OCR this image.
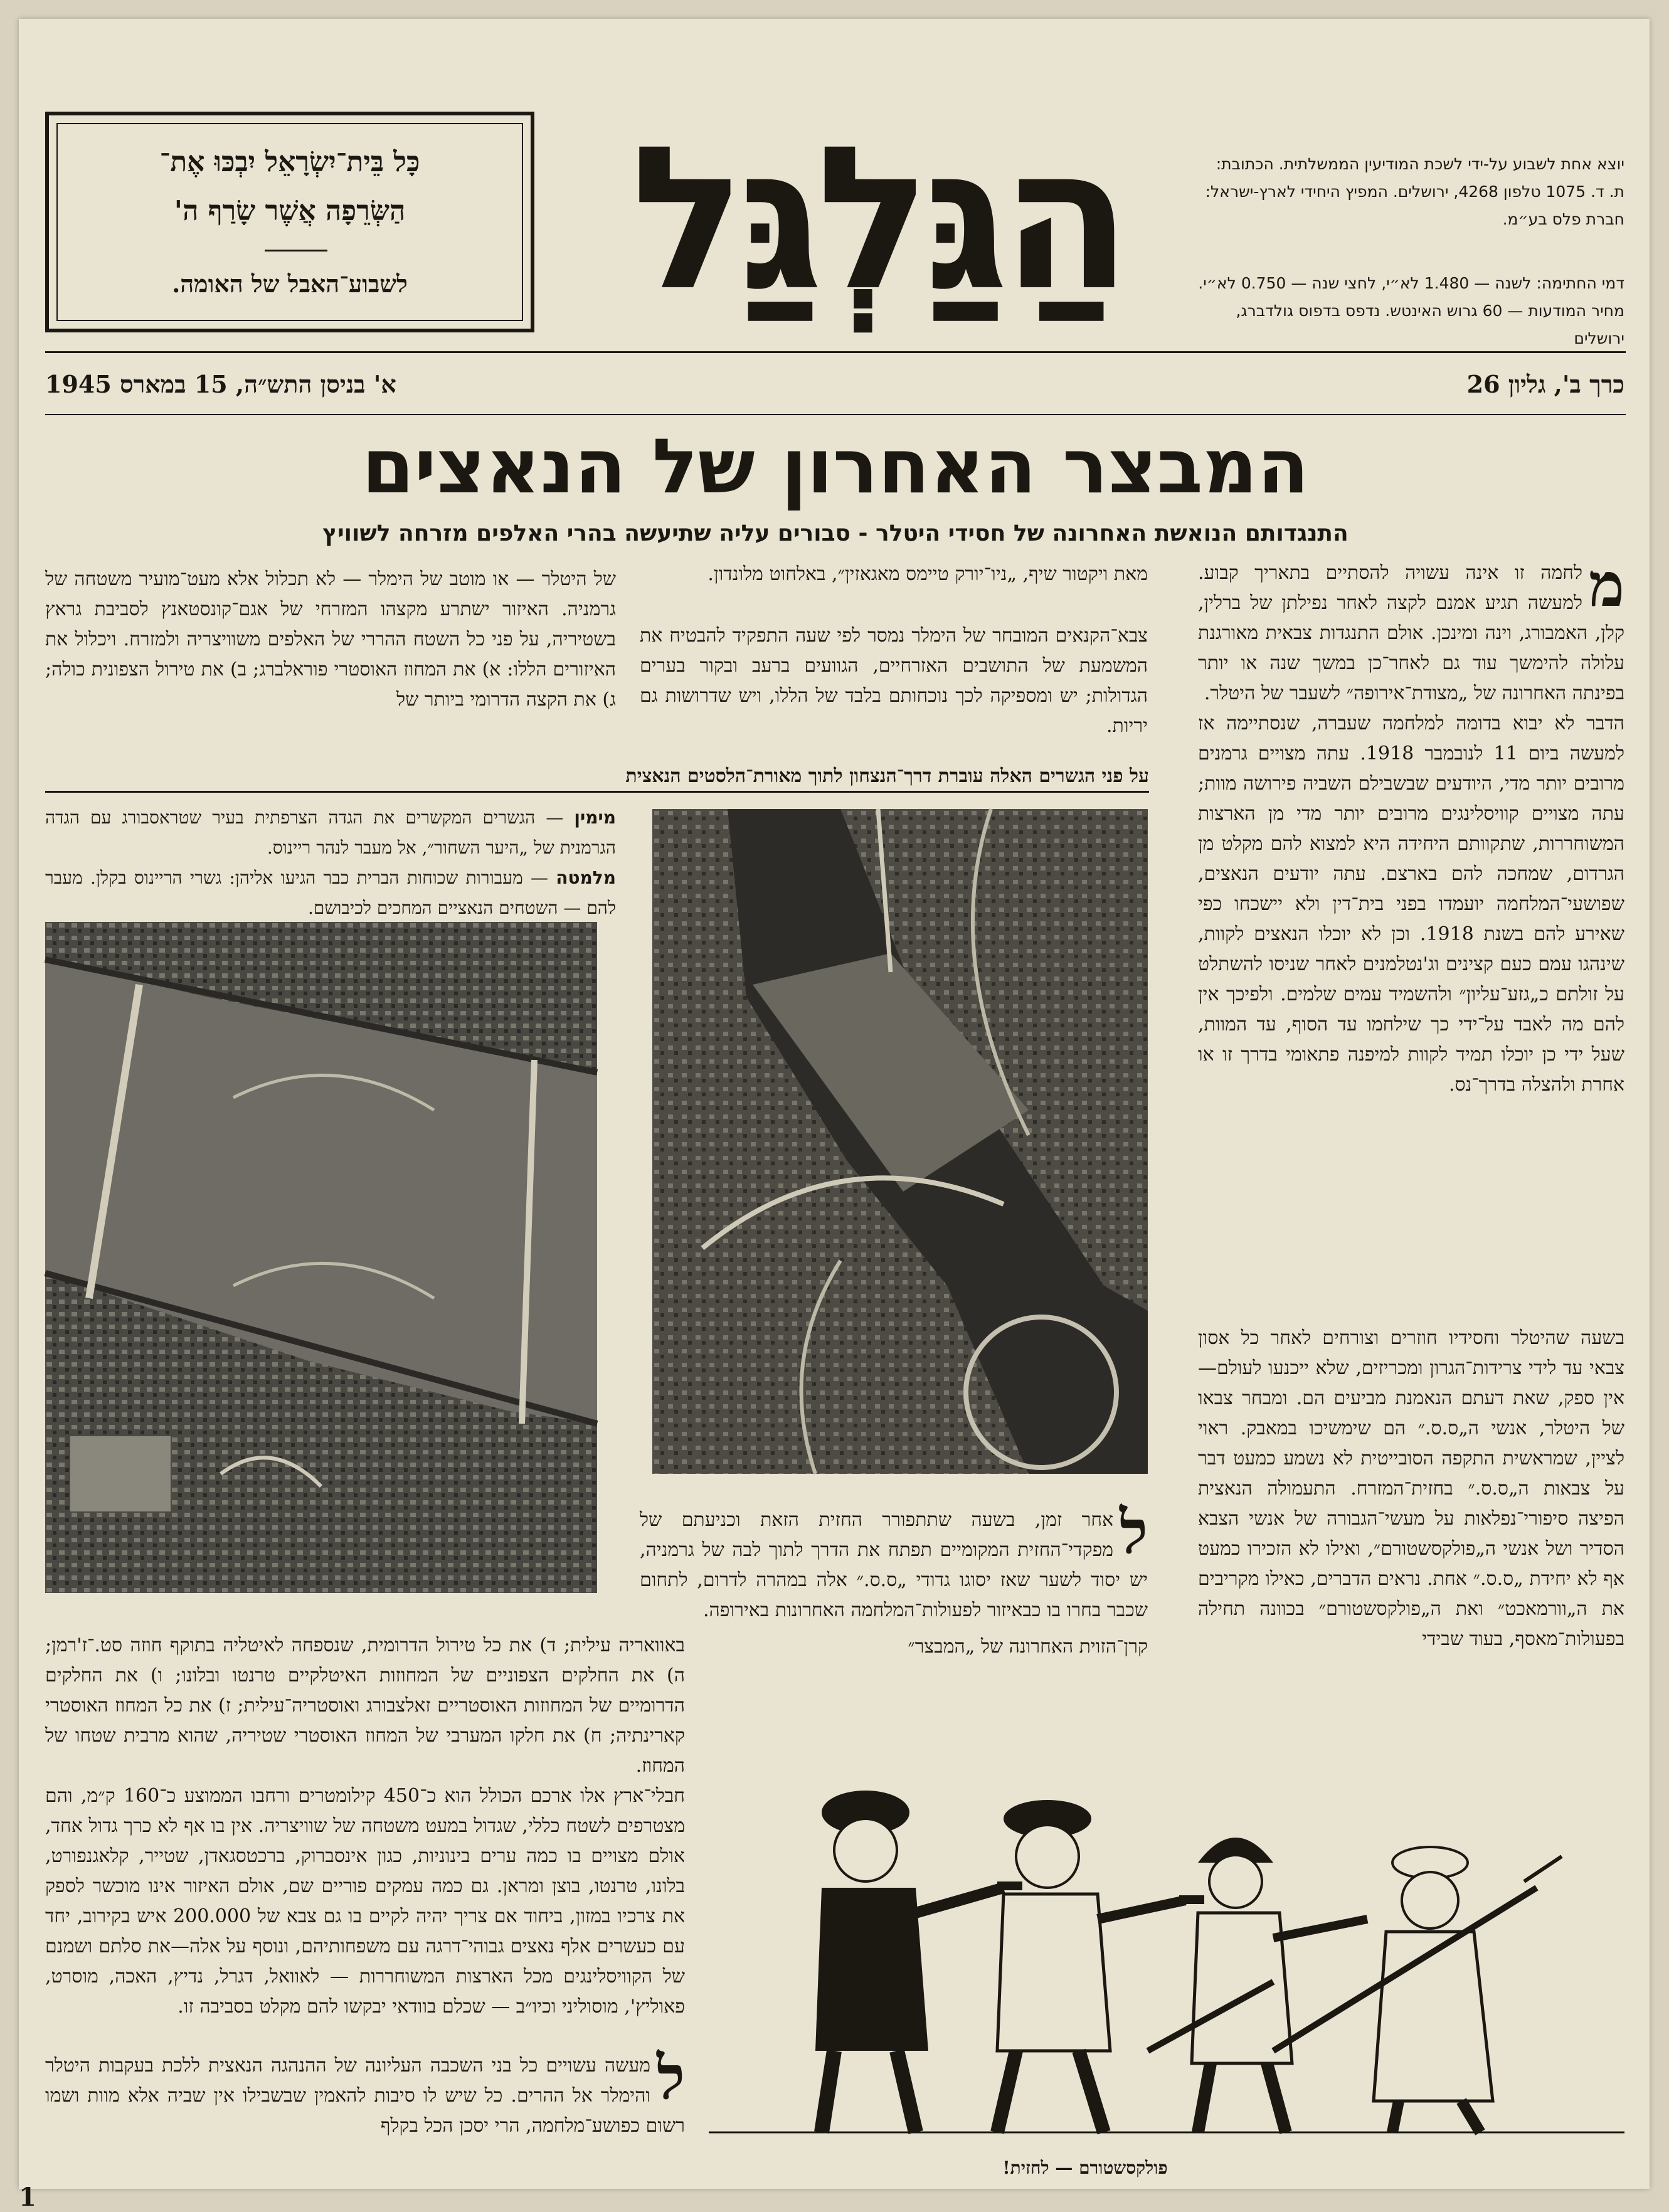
יוצא אחת לשבוע על-ידי לשכת המודיעין הממשלתית. הכתובת: ת. ד. 1075 טלפון 4268, ירושלים. המפיץ היחידי לארץ-ישראל: חברת פלס בע״מ.
דמי החתימה: לשנה — 1.480 לא״י, לחצי שנה — 0.750 לא״י. מחיר המודעות — 60 גרוש האינטש. נדפס בדפוס גולדברג, ירושלים
הַגַּלְגַּל
כָּל בֵּית־יִשְׂרָאֵל יִבְכּוּ אֶת־
הַשְּׂרֵפָה אֲשֶׁר שָׂרַף ה'
לשבוע־האבל של האומה.
כרך ב', גליון 26
א' בניסן התש״ה, 15 במארס 1945
המבצר האחרון של הנאצים
התנגדותם הנואשת האחרונה של חסידי היטלר - סבורים עליה שתיעשה בהרי האלפים מזרחה לשוויץ
מ
לחמה זו אינה עשויה להסתיים בתאריך קבוע. למעשה תגיע אמנם לקצה לאחר נפילתן של ברלין, קלן, האמבורג, וינה ומינכן. אולם התנגדות צבאית מאורגנת עלולה להימשך עוד גם לאחר־כן במשך שנה או יותר בפינתה האחרונה של „מצודת־אירופה״ לשעבר של היטלר.

הדבר לא יבוא בדומה למלחמה שעברה, שנסתיימה אז למעשה ביום 11 לנובמבר 1918. עתה מצויים גרמנים מרובים יותר מדי, היודעים שבשבילם השביה פירושה מוות; עתה מצויים קוויסלינגים מרובים יותר מדי מן הארצות המשוחררות, שתקוותם היחידה היא למצוא להם מקלט מן הגרדום, שמחכה להם בארצם. עתה יודעים הנאצים, שפושעי־המלחמה יועמדו בפני בית־דין ולא יישכחו כפי שאירע להם בשנת 1918. וכן לא יוכלו הנאצים לקוות, שינהגו עמם כעם קצינים וג'נטלמנים לאחר שניסו להשתלט על זולתם כ„גזע־עליון״ ולהשמיד עמים שלמים. ולפיכך אין להם מה לאבד על־ידי כך שילחמו עד הסוף, עד המוות, שעל ידי כן יוכלו תמיד לקוות למיפנה פתאומי בדרך זו או אחרת ולהצלה בדרך־נס.

בשעה שהיטלר וחסידיו חוזרים וצורחים לאחר כל אסון צבאי עד לידי צרידות־הגרון ומכריזים, שלא ייכנעו לעולם— אין ספק, שאת דעתם הנאמנת מביעים הם. ומבחר צבאו של היטלר, אנשי ה„ס.ס.״ הם שימשיכו במאבק. ראוי לציין, שמראשית התקפה הסובייטית לא נשמע כמעט דבר על צבאות ה„ס.ס.״ בחזית־המזרח. התעמולה הנאצית הפיצה סיפורי־נפלאות על מעשי־הגבורה של אנשי הצבא הסדיר ושל אנשי ה„פולקסשטורם״, ואילו לא הזכירו כמעט אף לא יחידת „ס.ס.״ אחת. נראים הדברים, כאילו מקריבים את ה„וורמאכט״ ואת ה„פולקסשטורם״ בכוונה תחילה בפעולות־מאסף, בעוד שבידי

מאת ויקטור שיף, „ניו־יורק טיימס מאגאזין״, באלחוט מלונדון.
צבא־הקנאים המובחר של הימלר נמסר לפי שעה התפקיד להבטיח את המשמעת של התושבים האזרחיים, הגוועים ברעב ובקור בערים הגדולות; יש ומספיקה לכך נוכחותם בלבד של הללו, ויש שדרושות גם יריות.
של היטלר — או מוטב של הימלר — לא תכלול אלא מעט־מועיר משטחה של גרמניה. האיזור ישתרע מקצהו המזרחי של אגם־קונסטאנץ לסביבת גראץ בשטיריה, על פני כל השטח ההררי של האלפים משוויצריה ולמזרח. ויכלול את האיזורים הללו: א) את המחוז האוסטרי פוראלברג; ב) את טירול הצפונית כולה; ג) את הקצה הדרומי ביותר של
על פני הגשרים האלה עוברת דרך־הנצחון לתוך מאורת־הלסטים הנאצית
מימין — הגשרים המקשרים את הגדה הצרפתית בעיר שטראסבורג עם הגדה הגרמנית של „היער השחור״, אל מעבר לנהר ריינוס.
מלמטה — מעבורות שכוחות הברית כבר הגיעו אליהן: גשרי הריינוס בקלן. מעבר להם — השטחים הנאציים המחכים לכיבושם.
ל
אחר זמן, בשעה שתתפורר החזית הזאת וכניעתם של מפקדי־החזית המקומיים תפתח את הדרך לתוך לבה של גרמניה, יש יסוד לשער שאז יסוגו גדודי „ס.ס.״ אלה במהרה לדרום, לתחום שכבר בחרו בו כבאיזור לפעולות־המלחמה האחרונות באירופה.

קרן־הזוית האחרונה של „המבצר״

באוואריה עילית; ד) את כל טירול הדרומית, שנספחה לאיטליה בתוקף חוזה סט.־ז'רמן; ה) את החלקים הצפוניים של המחוזות האיטלקיים טרנטו ובלונו; ו) את החלקים הדרומיים של המחוזות האוסטריים זאלצבורג ואוסטריה־עילית; ז) את כל המחוז האוסטרי קארינתיה; ח) את חלקו המערבי של המחוז האוסטרי שטיריה, שהוא מרבית שטחו של המחוז.

חבלי־ארץ אלו ארכם הכולל הוא כ־450 קילומטרים ורחבו הממוצע כ־160 ק״מ, והם מצטרפים לשטח כללי, שגדול במעט משטחה של שוויצריה. אין בו אף לא כרך גדול אחד, אולם מצויים בו כמה ערים בינוניות, כגון אינסברוק, ברכטסגאדן, שטייר, קלאגנפורט, בלונו, טרנטו, בוצן ומראן. גם כמה עמקים פוריים שם, אולם האיזור אינו מוכשר לספק את צרכיו במזון, ביחוד אם צריך יהיה לקיים בו גם צבא של 200.000 איש בקירוב, יחד עם כעשרים אלף נאצים גבוהי־דרגה עם משפחותיהם, ונוסף על אלה—את סלתם ושמנם של הקוויסלינגים מכל הארצות המשוחררות — לאוואל, דגרל, נדיץ, האכה, מוסרט, פאוליץ', מוסוליני וכיו״ב — שכלם בוודאי יבקשו להם מקלט בסביבה זו.

ל
מעשה עשויים כל בני השכבה העליונה של ההנהגה הנאצית ללכת בעקבות היטלר והימלר אל ההרים. כל שיש לו סיבות להאמין שבשבילו אין שביה אלא מוות ושמו רשום כפושע־מלחמה, הרי יסכן הכל בקלף
פולקסשטורם — לחזית!
1
